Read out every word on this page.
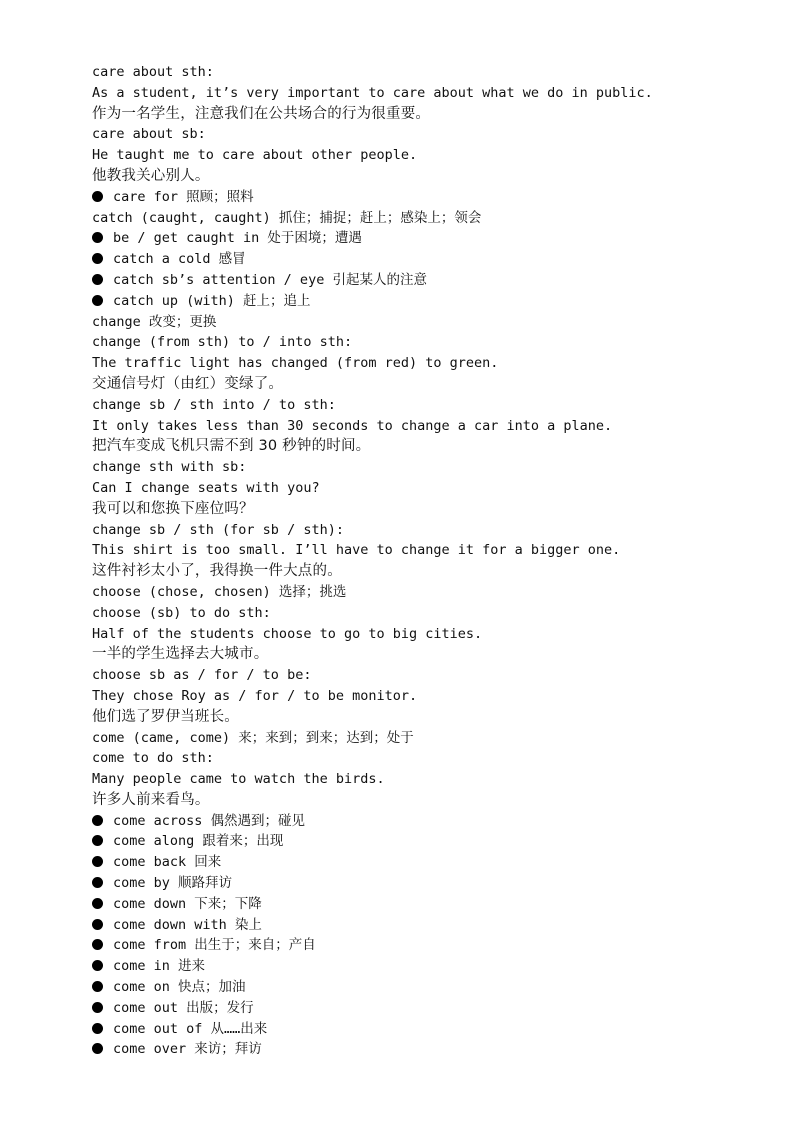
care about sth:
As a student, it’s very important to care about what we do in public.
作为一名学生，注意我们在公共场合的行为很重要。
care about sb:
He taught me to care about other people.
他教我关心别人。
care for 照顾；照料
catch (caught, caught) 抓住；捕捉；赶上；感染上；领会
be / get caught in 处于困境；遭遇
catch a cold 感冒
catch sb’s attention / eye 引起某人的注意
catch up (with) 赶上；追上
change 改变；更换
change (from sth) to / into sth:
The traffic light has changed (from red) to green.
交通信号灯（由红）变绿了。
change sb / sth into / to sth:
It only takes less than 30 seconds to change a car into a plane.
把汽车变成飞机只需不到 30 秒钟的时间。
change sth with sb:
Can I change seats with you?
我可以和您换下座位吗？
change sb / sth (for sb / sth):
This shirt is too small. I’ll have to change it for a bigger one.
这件衬衫太小了，我得换一件大点的。
choose (chose, chosen) 选择；挑选
choose (sb) to do sth:
Half of the students choose to go to big cities.
一半的学生选择去大城市。
choose sb as / for / to be:
They chose Roy as / for / to be monitor.
他们选了罗伊当班长。
come (came, come) 来；来到；到来；达到；处于
come to do sth:
Many people came to watch the birds.
许多人前来看鸟。
come across 偶然遇到；碰见
come along 跟着来；出现
come back 回来
come by 顺路拜访
come down 下来；下降
come down with 染上
come from 出生于；来自；产自
come in 进来
come on 快点；加油
come out 出版；发行
come out of 从……出来
come over 来访；拜访
